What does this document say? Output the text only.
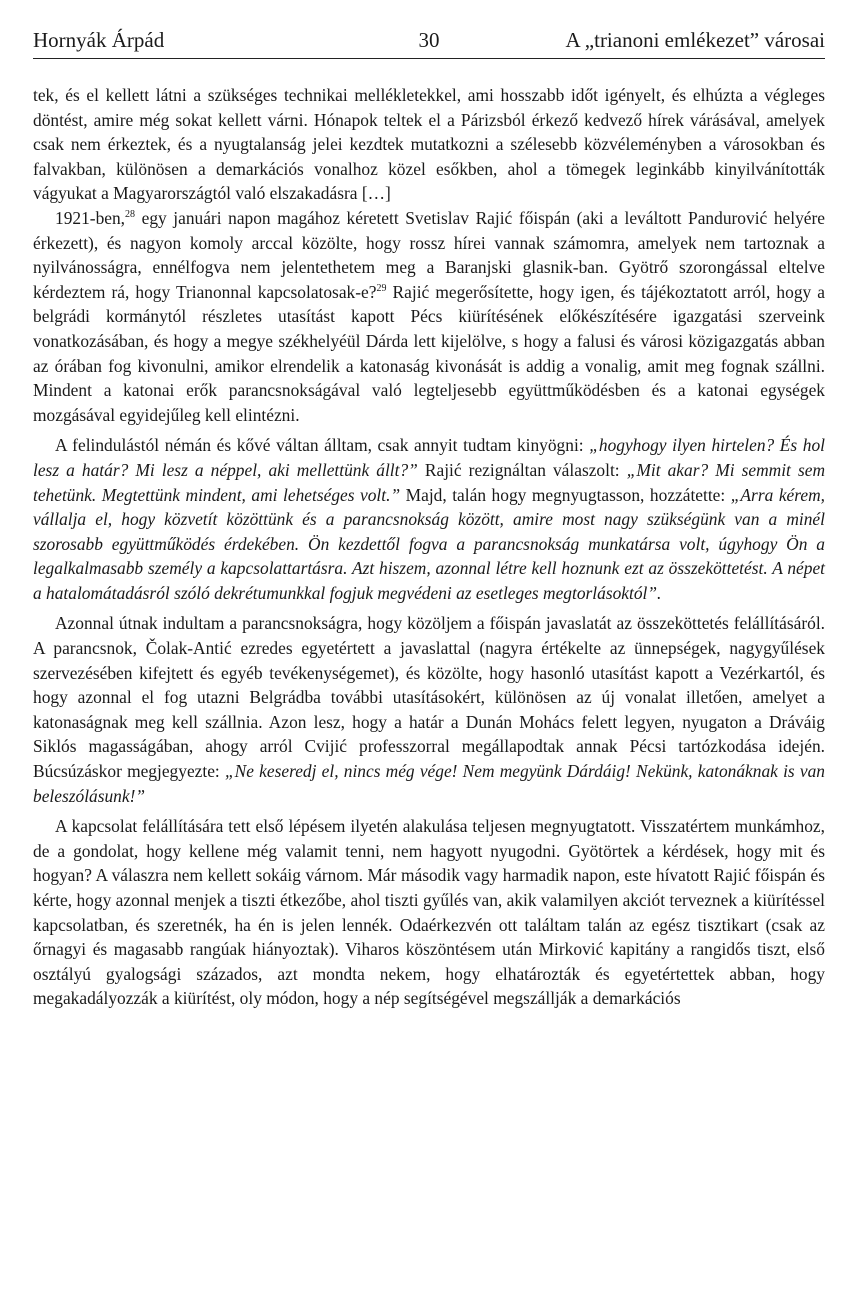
Hornyák Árpád	30	A „trianoni emlékezet” városai

tek, és el kellett látni a szükséges technikai mellékletekkel, ami hosszabb időt igényelt, és elhúzta a végleges döntést, amire még sokat kellett várni. Hónapok teltek el a Párizsból érkező kedvező hírek várásával, amelyek csak nem érkeztek, és a nyugtalanság jelei kezdtek mutatkozni a szélesebb közvéleményben a városokban és falvakban, különösen a demarkációs vonalhoz közel esőkben, ahol a tömegek leginkább kinyilvánították vágyukat a Magyarországtól való elszakadásra […]

1921-ben,$^{28}$ egy januári napon magához kéretett Svetislav Rajić főispán (aki a leváltott Pandurović helyére érkezett), és nagyon komoly arccal közölte, hogy rossz hírei vannak számomra, amelyek nem tartoznak a nyilvánosságra, ennélfogva nem jelentethetem meg a Baranjski glasnik-ban. Gyötrő szorongással eltelve kérdeztem rá, hogy Trianonnal kapcsolatosak-e?$^{29}$ Rajić megerősítette, hogy igen, és tájékoztatott arról, hogy a belgrádi kormánytól részletes utasítást kapott Pécs kiürítésének előkészítésére igazgatási szerveink vonatkozásában, és hogy a megye székhelyéül Dárda lett kijelölve, s hogy a falusi és városi közigazgatás abban az órában fog kivonulni, amikor elrendelik a katonaság kivonását is addig a vonalig, amit meg fognak szállni. Mindent a katonai erők parancsnokságával való legteljesebb együttműködésben és a katonai egységek mozgásával egyidejűleg kell elintézni.

A felindulástól némán és kővé váltan álltam, csak annyit tudtam kinyögni: „hogyhogy ilyen hirtelen? És hol lesz a határ? Mi lesz a néppel, aki mellettünk állt?” Rajić rezignáltan válaszolt: „Mit akar? Mi semmit sem tehetünk. Megtettünk mindent, ami lehetséges volt.” Majd, talán hogy megnyugtasson, hozzátette: „Arra kérem, vállalja el, hogy közvetít közöttünk és a parancsnokság között, amire most nagy szükségünk van a minél szorosabb együttműködés érdekében. Ön kezdettől fogva a parancsnokság munkatársa volt, úgyhogy Ön a legalkalmasabb személy a kapcsolattartásra. Azt hiszem, azonnal létre kell hoznunk ezt az összeköttetést. A népet a hatalomátadásról szóló dekrétumunkkal fogjuk megvédeni az esetleges megtorlásoktól”.

Azonnal útnak indultam a parancsnokságra, hogy közöljem a főispán javaslatát az összeköttetés felállításáról. A parancsnok, Čolak-Antić ezredes egyetértett a javaslattal (nagyra értékelte az ünnepségek, nagygyűlések szervezésében kifejtett és egyéb tevékenységemet), és közölte, hogy hasonló utasítást kapott a Vezérkartól, és hogy azonnal el fog utazni Belgrádba további utasításokért, különösen az új vonalat illetően, amelyet a katonaságnak meg kell szállnia. Azon lesz, hogy a határ a Dunán Mohács felett legyen, nyugaton a Dráváig Siklós magasságában, ahogy arról Cvijić professzorral megállapodtak annak Pécsi tartózkodása idején. Búcsúzáskor megjegyezte: „Ne keseredj el, nincs még vége! Nem megyünk Dárdáig! Nekünk, katonáknak is van beleszólásunk!”

A kapcsolat felállítására tett első lépésem ilyetén alakulása teljesen megnyugtatott. Visszatértem munkámhoz, de a gondolat, hogy kellene még valamit tenni, nem hagyott nyugodni. Gyötörtek a kérdések, hogy mit és hogyan? A válaszra nem kellett sokáig várnom. Már második vagy harmadik napon, este hívatott Rajić főispán és kérte, hogy azonnal menjek a tiszti étkezőbe, ahol tiszti gyűlés van, akik valamilyen akciót terveznek a kiürítéssel kapcsolatban, és szeretnék, ha én is jelen lennék. Odaérkezvén ott találtam talán az egész tisztikart (csak az őrnagyi és magasabb rangúak hiányoztak). Viharos köszöntésem után Mirković kapitány a rangidős tiszt, első osztályú gyalogsági százados, azt mondta nekem, hogy elhatározták és egyetértettek abban, hogy megakadályozzák a kiürítést, oly módon, hogy a nép segítségével megszállják a demarkációs
